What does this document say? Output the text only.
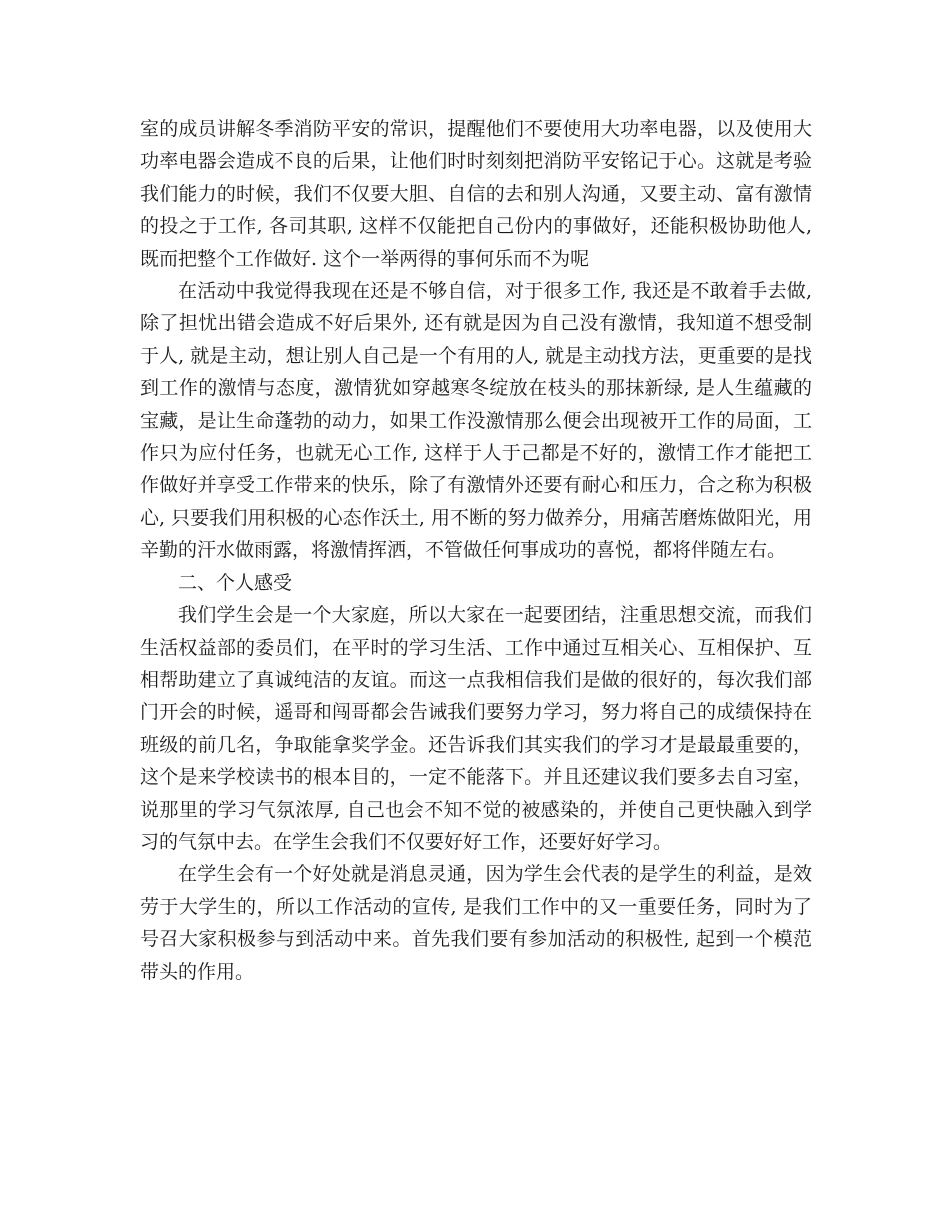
室的成员讲解冬季消防平安的常识，提醒他们不要使用大功率电器，以及使用大功率电器会造成不良的后果，让他们时时刻刻把消防平安铭记于心。这就是考验我们能力的时候，我们不仅要大胆、自信的去和别人沟通，又要主动、富有激情的投之于工作, 各司其职, 这样不仅能把自己份内的事做好，还能积极协助他人, 既而把整个工作做好. 这个一举两得的事何乐而不为呢

在活动中我觉得我现在还是不够自信，对于很多工作, 我还是不敢着手去做, 除了担忧出错会造成不好后果外, 还有就是因为自己没有激情，我知道不想受制于人, 就是主动，想让别人自己是一个有用的人, 就是主动找方法，更重要的是找到工作的激情与态度，激情犹如穿越寒冬绽放在枝头的那抹新绿, 是人生蕴藏的宝藏，是让生命蓬勃的动力，如果工作没激情那么便会出现被开工作的局面，工作只为应付任务，也就无心工作, 这样于人于己都是不好的，激情工作才能把工作做好并享受工作带来的快乐，除了有激情外还要有耐心和压力，合之称为积极心, 只要我们用积极的心态作沃土, 用不断的努力做养分，用痛苦磨炼做阳光，用辛勤的汗水做雨露，将激情挥洒，不管做任何事成功的喜悦，都将伴随左右。

二、个人感受

我们学生会是一个大家庭，所以大家在一起要团结，注重思想交流，而我们生活权益部的委员们，在平时的学习生活、工作中通过互相关心、互相保护、互相帮助建立了真诚纯洁的友谊。而这一点我相信我们是做的很好的，每次我们部门开会的时候，遥哥和闯哥都会告诫我们要努力学习，努力将自己的成绩保持在班级的前几名，争取能拿奖学金。还告诉我们其实我们的学习才是最最重要的，这个是来学校读书的根本目的，一定不能落下。并且还建议我们要多去自习室，说那里的学习气氛浓厚, 自己也会不知不觉的被感染的，并使自己更快融入到学习的气氛中去。在学生会我们不仅要好好工作，还要好好学习。

在学生会有一个好处就是消息灵通，因为学生会代表的是学生的利益，是效劳于大学生的，所以工作活动的宣传, 是我们工作中的又一重要任务，同时为了号召大家积极参与到活动中来。首先我们要有参加活动的积极性, 起到一个模范带头的作用。
